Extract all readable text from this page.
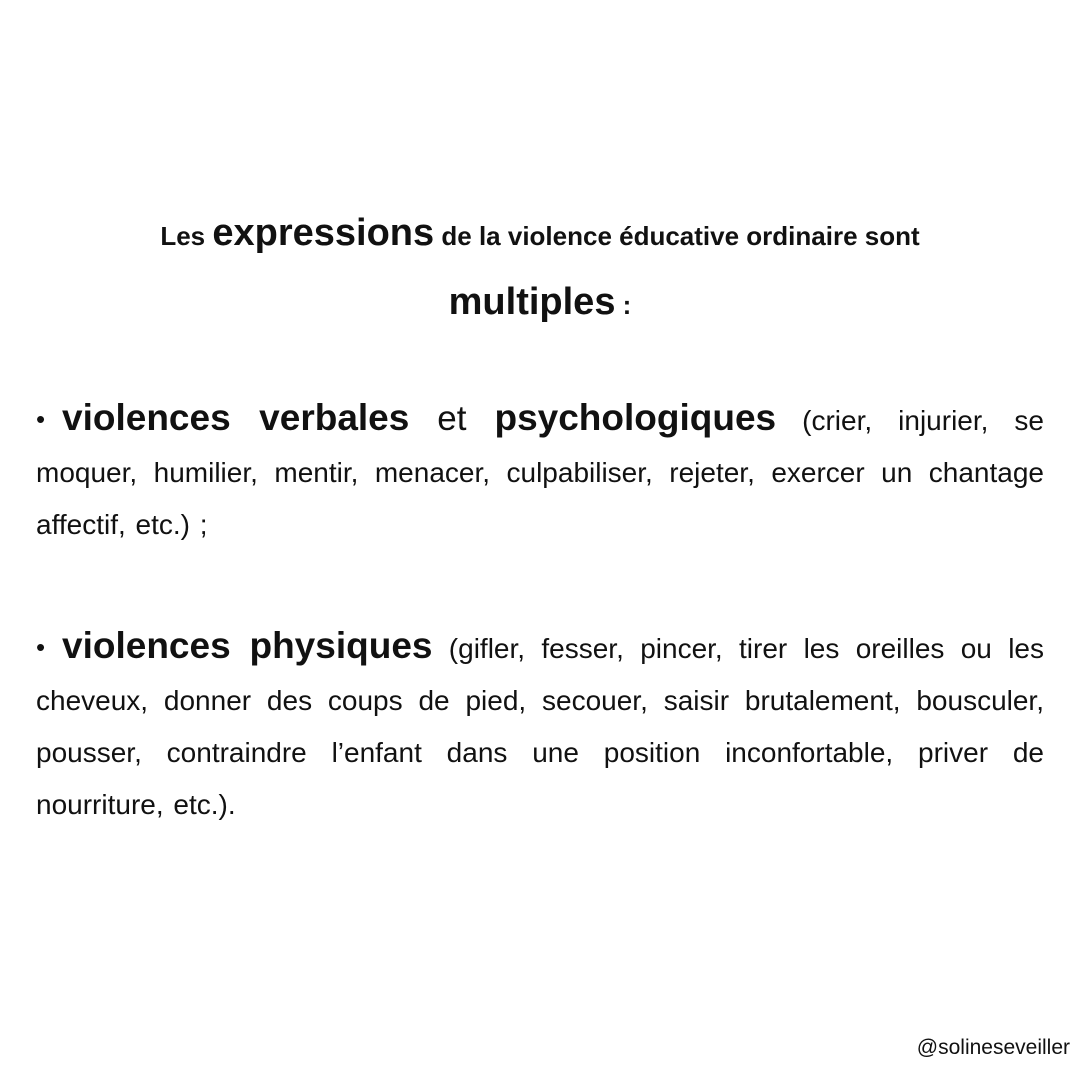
Les expressions de la violence éducative ordinaire sont
multiples :

• violences verbales et psychologiques (crier, injurier, se moquer, humilier, mentir, menacer, culpabiliser, rejeter, exercer un chantage affectif, etc.) ;

• violences physiques (gifler, fesser, pincer, tirer les oreilles ou les cheveux, donner des coups de pied, secouer, saisir brutalement, bousculer, pousser, contraindre l’enfant dans une position inconfortable, priver de nourriture, etc.).

@solineseveiller
